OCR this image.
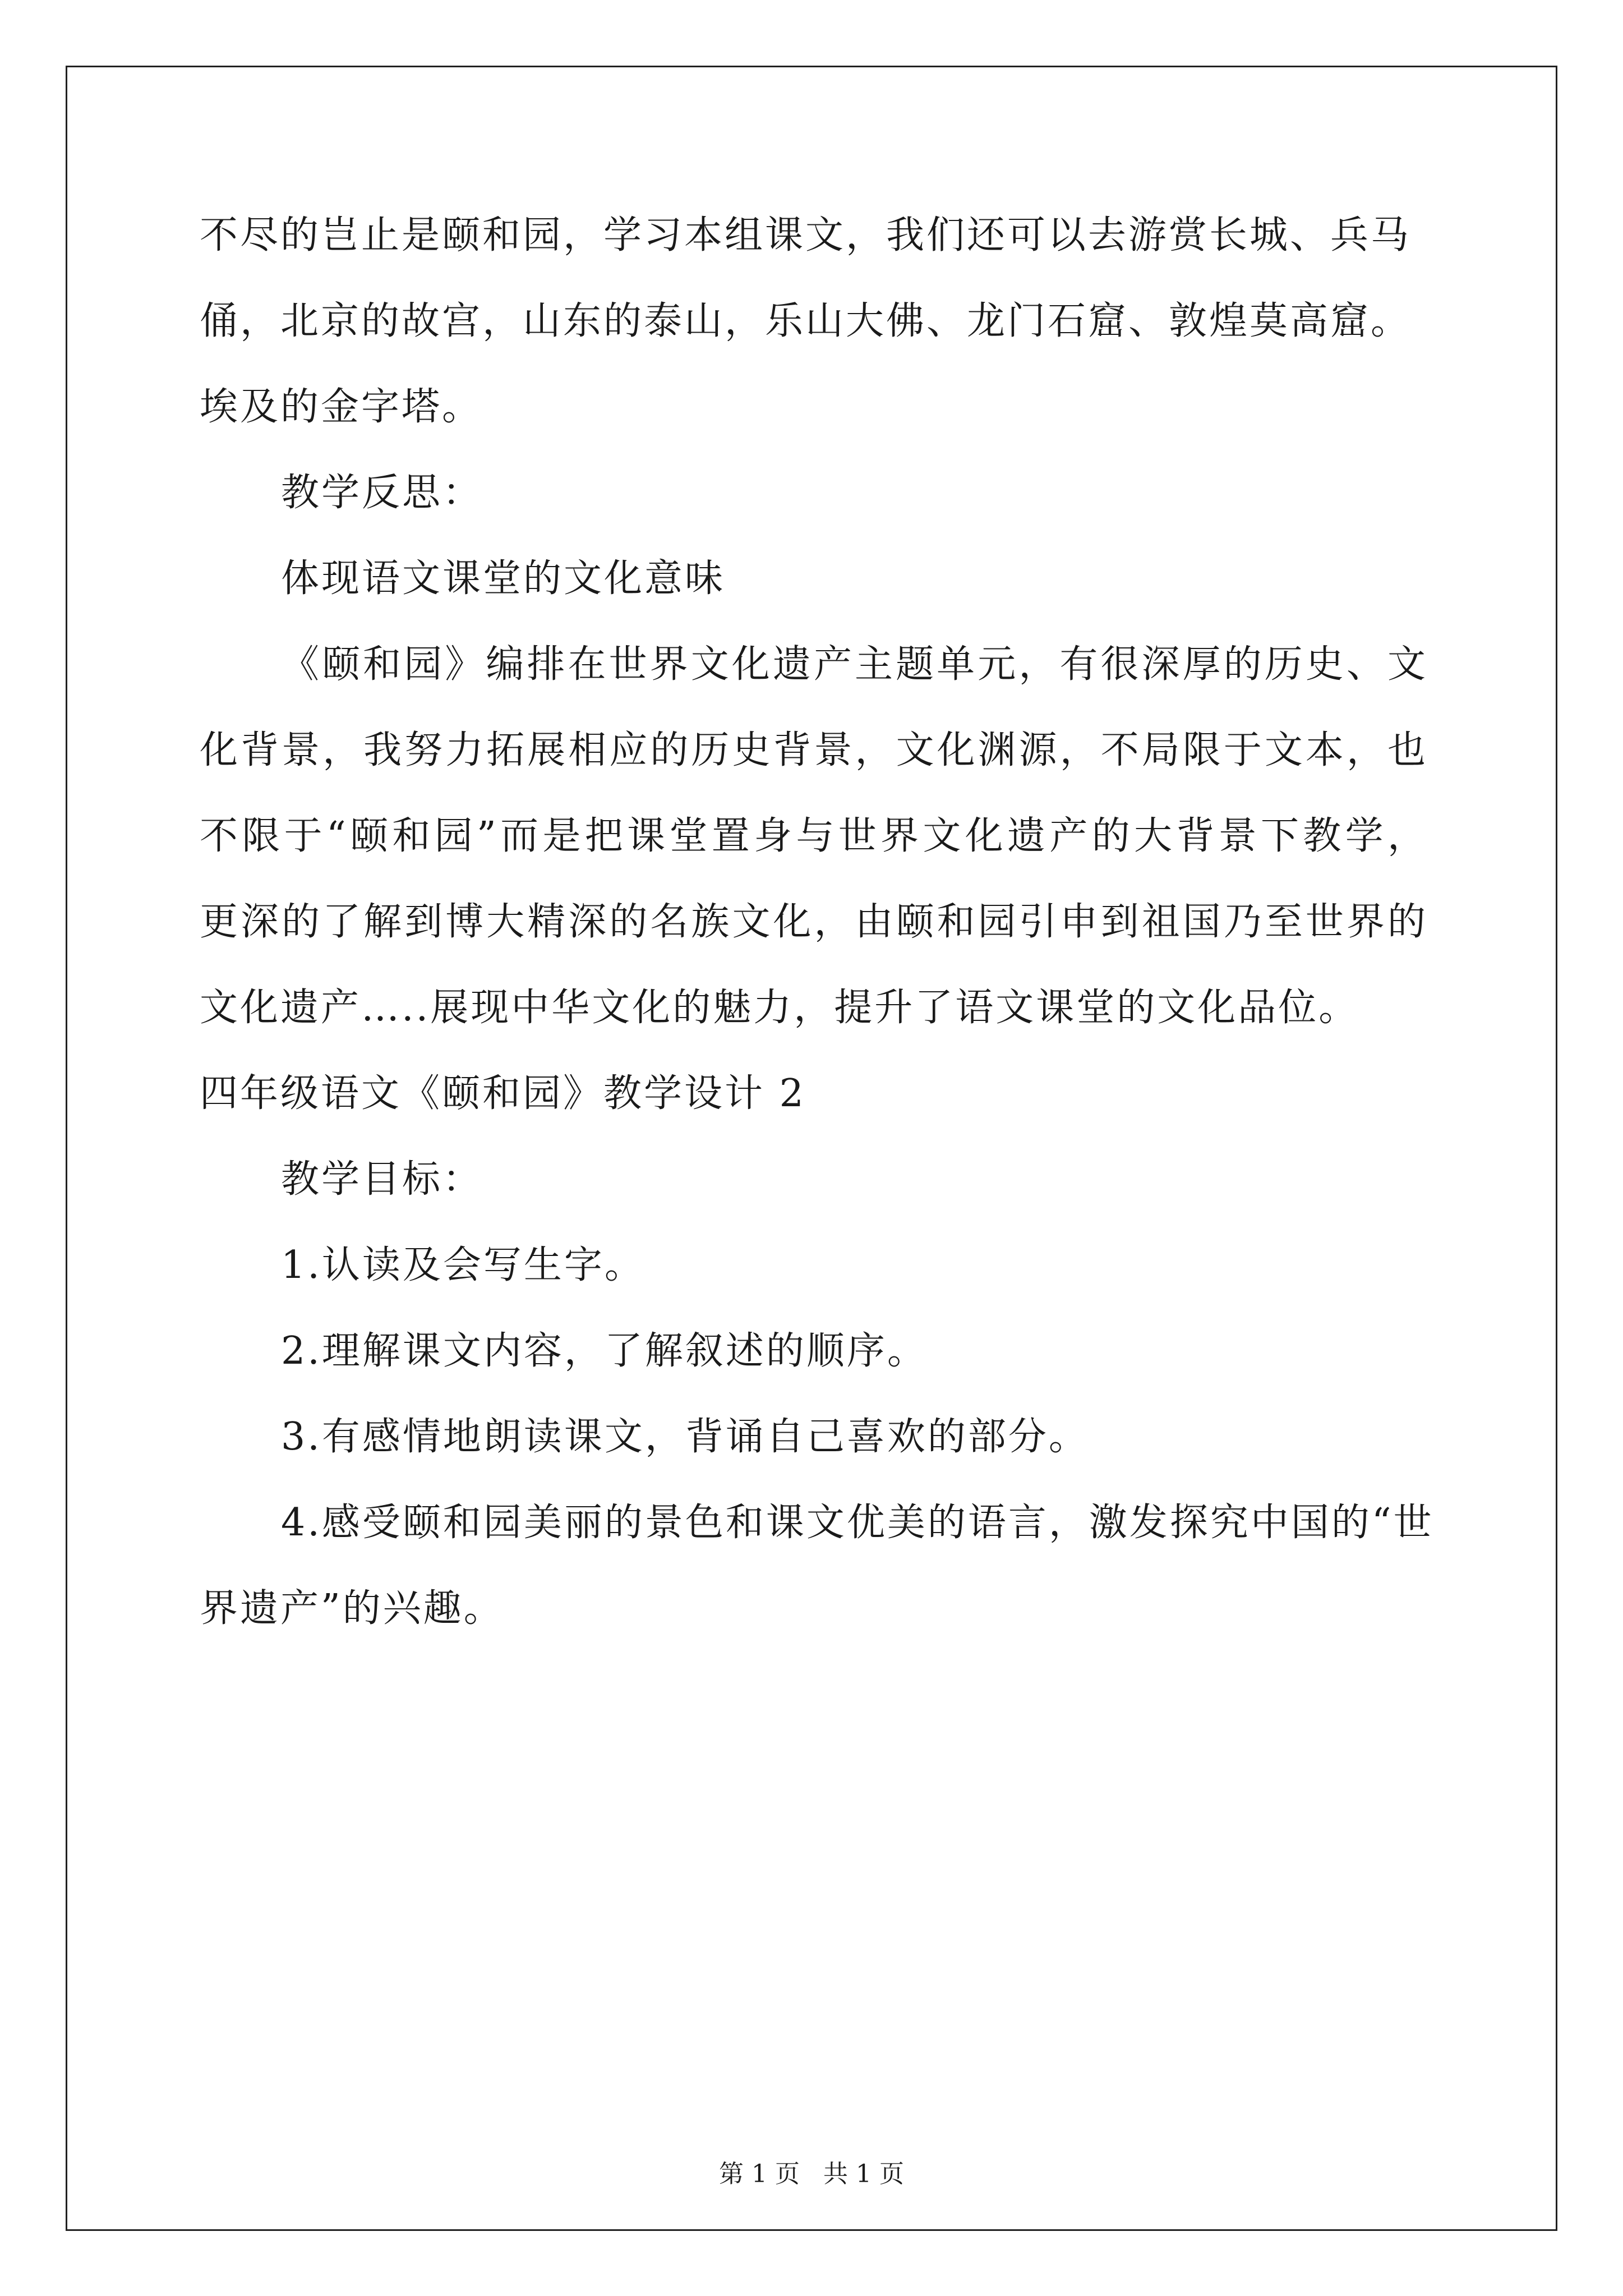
不尽的岂止是颐和园，学习本组课文，我们还可以去游赏长城、兵马

俑，北京的故宫，山东的泰山，乐山大佛、龙门石窟、敦煌莫高窟。

埃及的金字塔。

教学反思：

体现语文课堂的文化意味

《颐和园》编排在世界文化遗产主题单元，有很深厚的历史、文

化背景，我努力拓展相应的历史背景，文化渊源，不局限于文本，也

不限于“颐和园”而是把课堂置身与世界文化遗产的大背景下教学，

更深的了解到博大精深的名族文化，由颐和园引申到祖国乃至世界的

文化遗产…..展现中华文化的魅力，提升了语文课堂的文化品位。

四年级语文《颐和园》教学设计 2

教学目标：

1.认读及会写生字。

2.理解课文内容，了解叙述的顺序。

3.有感情地朗读课文，背诵自己喜欢的部分。

4.感受颐和园美丽的景色和课文优美的语言，激发探究中国的“世

界遗产”的兴趣。

第 1 页 共 1 页
